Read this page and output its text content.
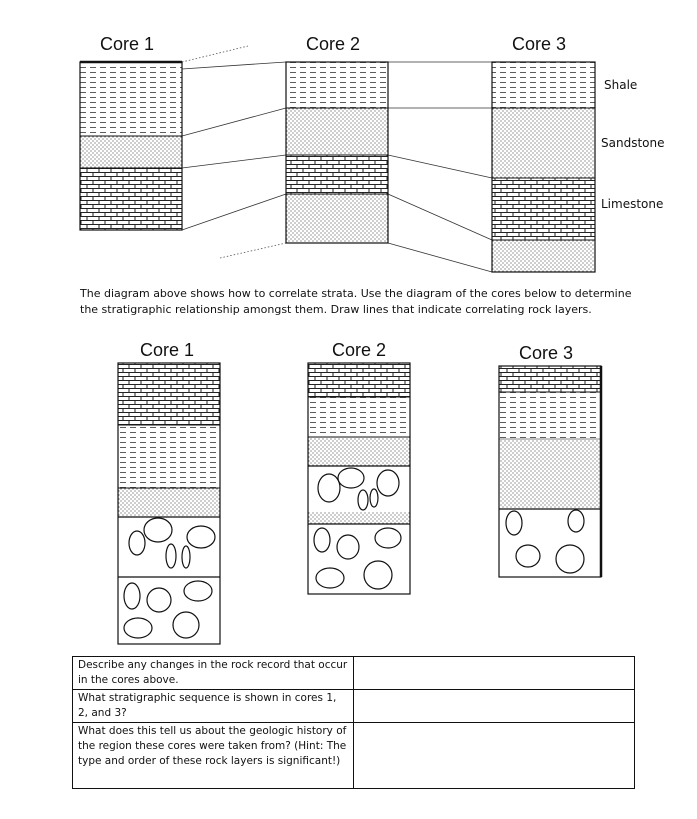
Core 1	Core 2	Core 3
Shale
Sandstone
Limestone
Core 1	Core 2	Core 3

The diagram above shows how to correlate strata. Use the diagram of the cores below to determine the stratigraphic relationship amongst them. Draw lines that indicate correlating rock layers.

Describe any changes in the rock record that occur in the cores above.	
What stratigraphic sequence is shown in cores 1, 2, and 3?	
What does this tell us about the geologic history of the region these cores were taken from? (Hint: The type and order of these rock layers is significant!)	
